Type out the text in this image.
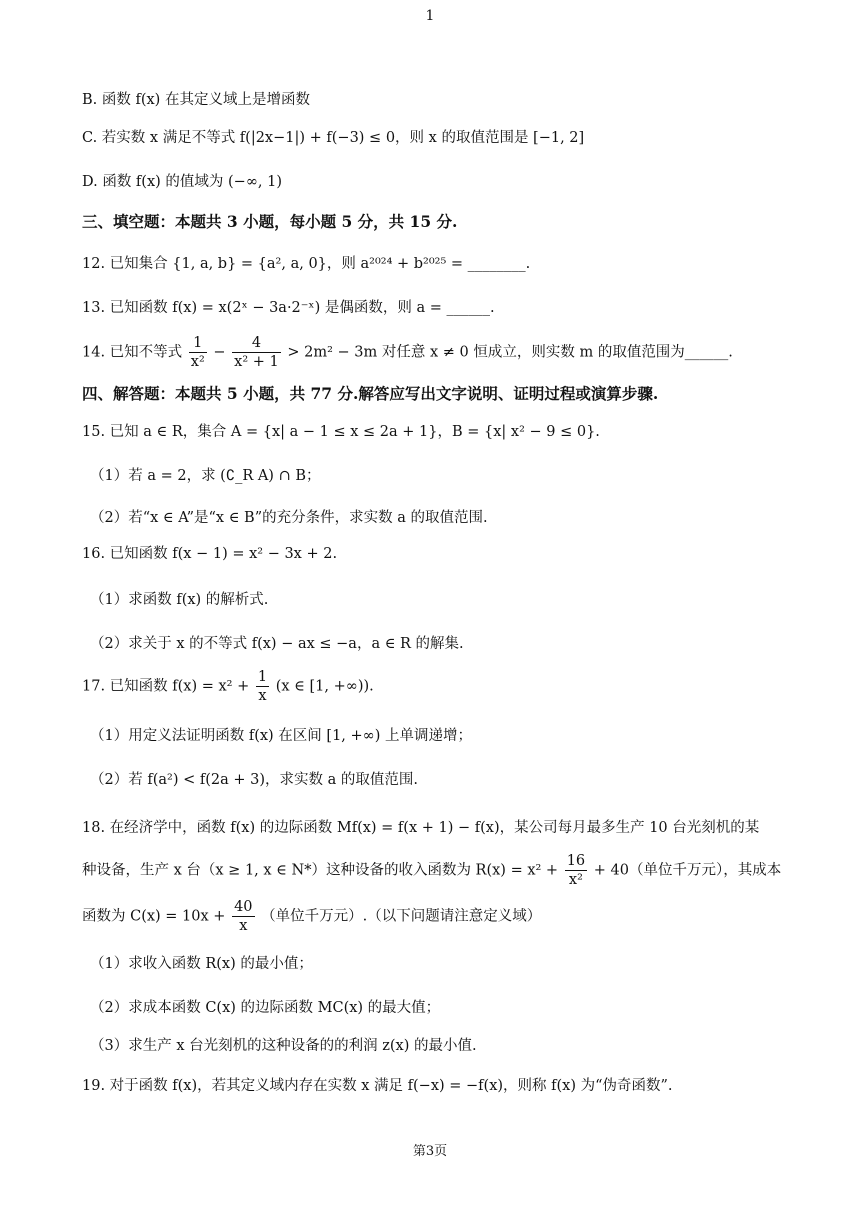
1
B. 函数 f(x) 在其定义域上是增函数
C. 若实数 x 满足不等式 f(|2x−1|) + f(−3) ≤ 0，则 x 的取值范围是 [−1, 2]
D. 函数 f(x) 的值域为 (−∞, 1)
三、填空题：本题共 3 小题，每小题 5 分，共 15 分.
12. 已知集合 {1, a, b} = {a², a, 0}，则 a²⁰²⁴ + b²⁰²⁵ = ________.
13. 已知函数 f(x) = x(2ˣ − 3a·2⁻ˣ) 是偶函数，则 a = ______.
14. 已知不等式 $\frac{1}{\text{x²}} - \frac{4}{\text{x² + 1}} > 2m^2 - 3m$ 对任意 x ≠ 0 恒成立，则实数 m 的取值范围为______.
四、解答题：本题共 5 小题，共 77 分.解答应写出文字说明、证明过程或演算步骤.
15. 已知 a ∈ R，集合 A = {x| a − 1 ≤ x ≤ 2a + 1}，B = {x| x² − 9 ≤ 0}.
（1）若 a = 2，求 (∁_R A) ∩ B；
（2）若“x ∈ A”是“x ∈ B”的充分条件，求实数 a 的取值范围.
16. 已知函数 f(x − 1) = x² − 3x + 2.
（1）求函数 f(x) 的解析式.
（2）求关于 x 的不等式 f(x) − ax ≤ −a，a ∈ R 的解集.
17. 已知函数 $f(x) = x^2 + \frac{1}{x} (x$ ∈ [1, +∞)).
（1）用定义法证明函数 f(x) 在区间 [1, +∞) 上单调递增；
（2）若 f(a²) < f(2a + 3)，求实数 a 的取值范围.
18. 在经济学中，函数 f(x) 的边际函数 Mf(x) = f(x + 1) − f(x)，某公司每月最多生产 10 台光刻机的某
种设备，生产 x 台（x ≥ 1, x ∈ N*）这种设备的收入函数为 $R(x) = x^2 + \frac{16}{\text{x²}} + 40$（单位千万元），其成本
函数为 $C(x) = 10x + \frac{40}{x}$ （单位千万元）.（以下问题请注意定义域）
（1）求收入函数 R(x) 的最小值；
（2）求成本函数 C(x) 的边际函数 MC(x) 的最大值；
（3）求生产 x 台光刻机的这种设备的的利润 z(x) 的最小值.
19. 对于函数 f(x)，若其定义域内存在实数 x 满足 f(−x) = −f(x)，则称 f(x) 为“伪奇函数”.
第3页
